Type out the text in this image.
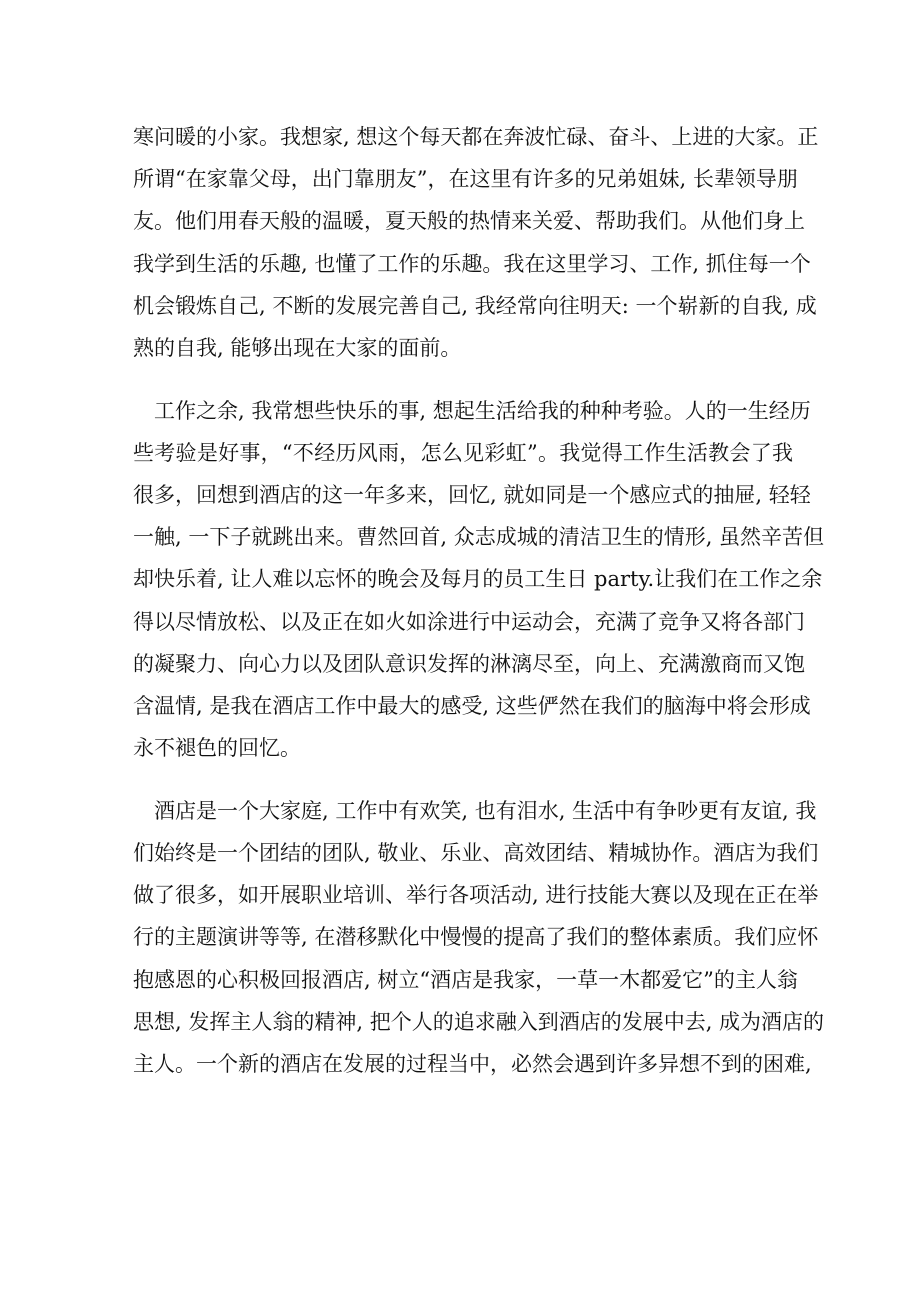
寒问暖的小家。我想家, 想这个每天都在奔波忙碌、奋斗、上进的大家。正
所谓“在家靠父母，出门靠朋友”，在这里有许多的兄弟姐妹, 长辈领导朋
友。他们用春天般的温暖，夏天般的热情来关爱、帮助我们。从他们身上
我学到生活的乐趣, 也懂了工作的乐趣。我在这里学习、工作, 抓住每一个
机会锻炼自己, 不断的发展完善自己, 我经常向往明天: 一个崭新的自我, 成
熟的自我, 能够出现在大家的面前。

工作之余, 我常想些快乐的事, 想起生活给我的种种考验。人的一生经历
些考验是好事，“不经历风雨，怎么见彩虹”。我觉得工作生活教会了我
很多，回想到酒店的这一年多来，回忆, 就如同是一个感应式的抽屉, 轻轻
一触, 一下子就跳出来。曹然回首, 众志成城的清洁卫生的情形, 虽然辛苦但
却快乐着, 让人难以忘怀的晚会及每月的员工生日 party.让我们在工作之余
得以尽情放松、以及正在如火如涂进行中运动会，充满了竞争又将各部门
的凝聚力、向心力以及团队意识发挥的淋漓尽至，向上、充满激商而又饱
含温情, 是我在酒店工作中最大的感受, 这些俨然在我们的脑海中将会形成
永不褪色的回忆。

酒店是一个大家庭, 工作中有欢笑, 也有泪水, 生活中有争吵更有友谊, 我
们始终是一个团结的团队, 敬业、乐业、高效团结、精城协作。酒店为我们
做了很多，如开展职业培训、举行各项活动, 进行技能大赛以及现在正在举
行的主题演讲等等, 在潜移默化中慢慢的提高了我们的整体素质。我们应怀
抱感恩的心积极回报酒店, 树立“酒店是我家，一草一木都爱它”的主人翁
思想, 发挥主人翁的精神, 把个人的追求融入到酒店的发展中去, 成为酒店的
主人。一个新的酒店在发展的过程当中，必然会遇到许多异想不到的困难,
